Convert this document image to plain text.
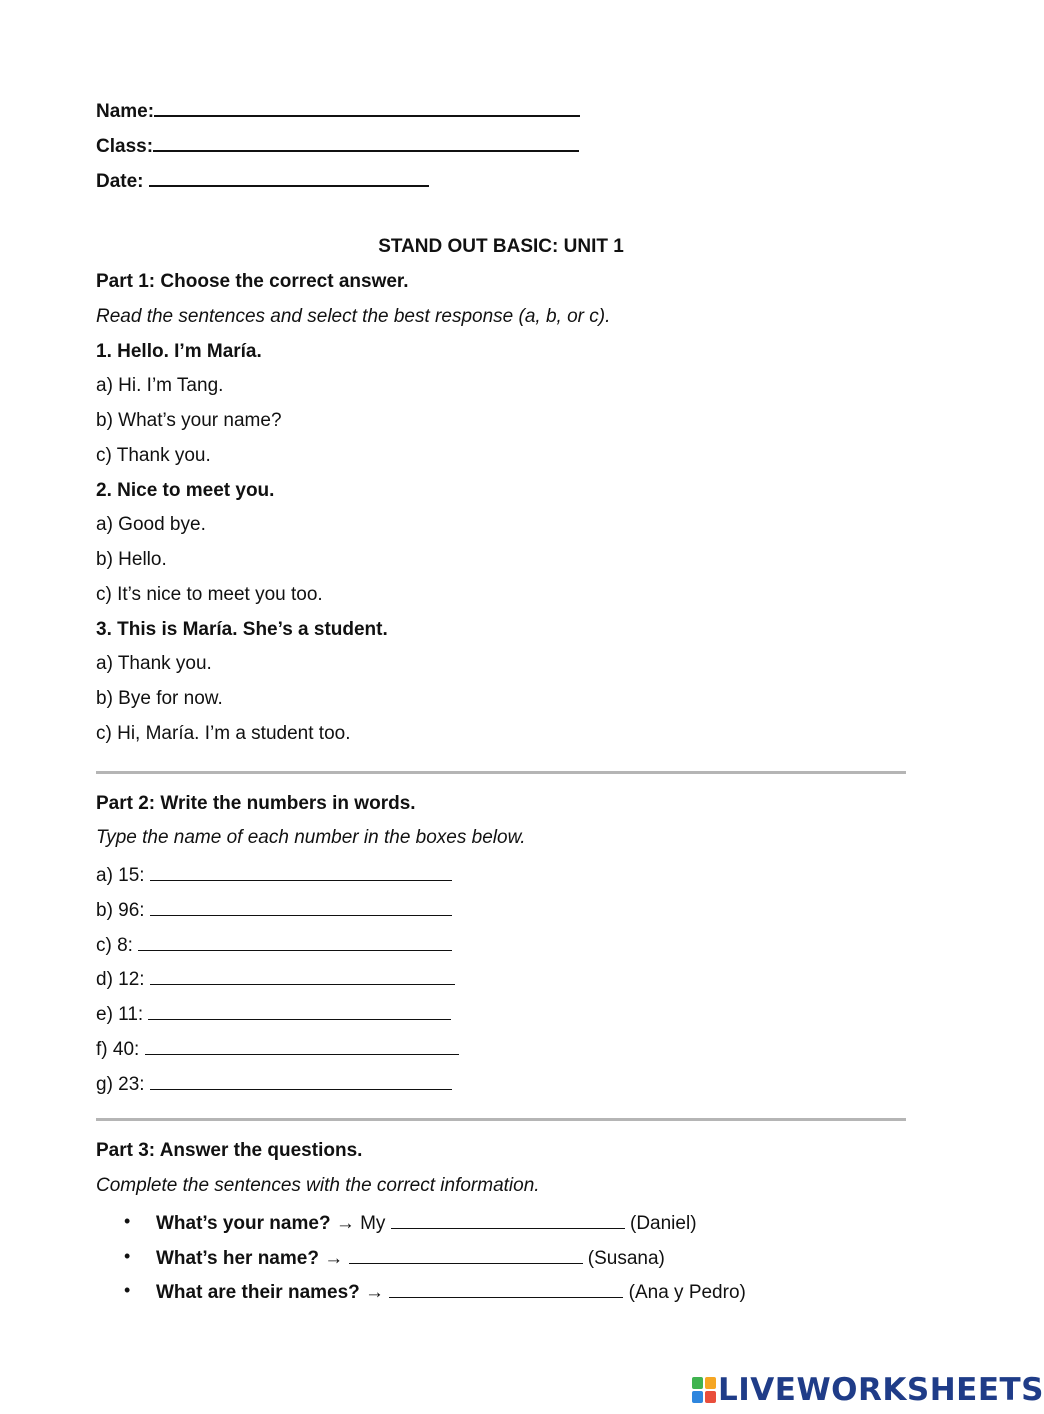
Name:
Class:
Date:
STAND OUT BASIC: UNIT 1
Part 1: Choose the correct answer.
Read the sentences and select the best response (a, b, or c).
1. Hello. I’m María.
a) Hi. I’m Tang.
b) What’s your name?
c) Thank you.
2. Nice to meet you.
a) Good bye.
b) Hello.
c) It’s nice to meet you too.
3. This is María. She’s a student.
a) Thank you.
b) Bye for now.
c) Hi, María. I’m a student too.
Part 2: Write the numbers in words.
Type the name of each number in the boxes below.
a) 15:
b) 96:
c) 8:
d) 12:
e) 11:
f) 40:
g) 23:
Part 3: Answer the questions.
Complete the sentences with the correct information.
• What’s your name? → My	(Daniel)
• What’s her name? →	(Susana)
• What are their names? →	(Ana y Pedro)
LIVEWORKSHEETS
